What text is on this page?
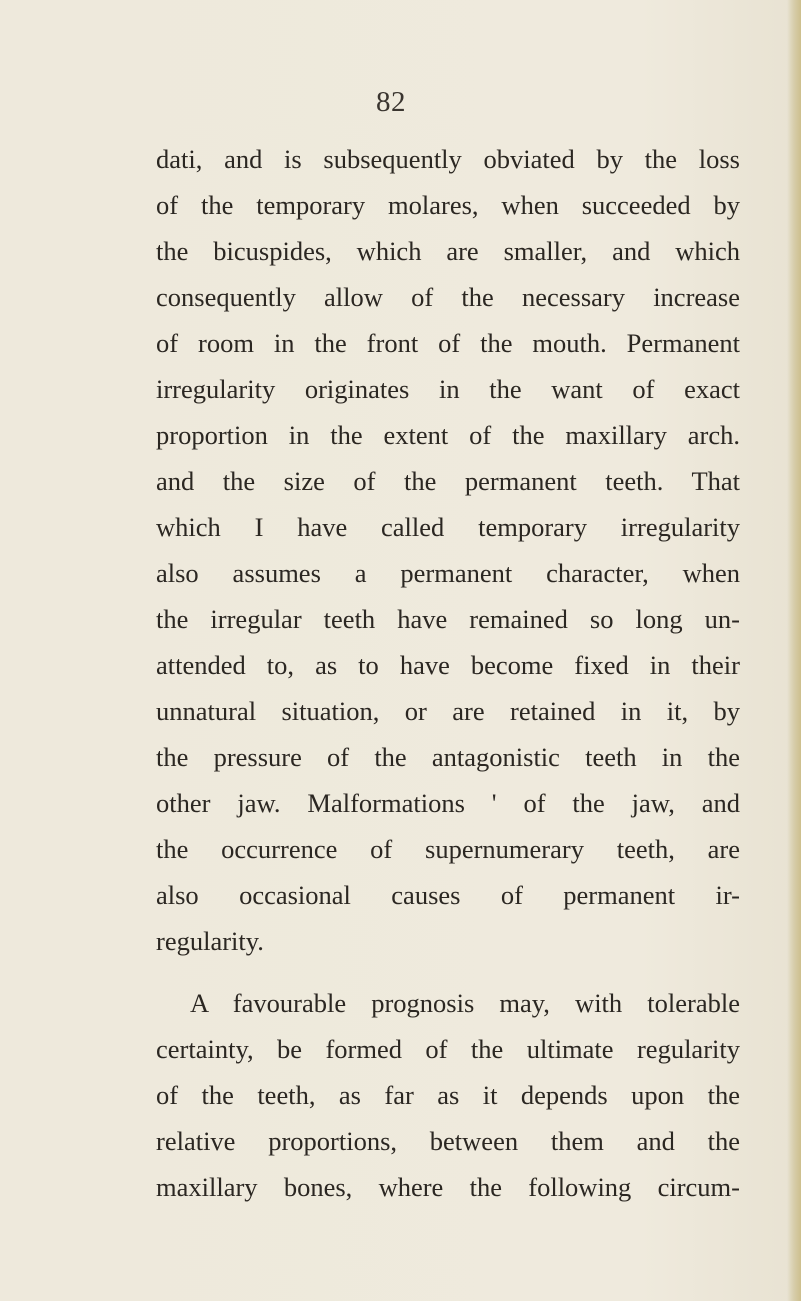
82
dati, and is subsequently obviated by the loss
of the temporary molares, when succeeded by
the bicuspides, which are smaller, and which
consequently allow of the necessary increase
of room in the front of the mouth. Permanent
irregularity originates in the want of exact
proportion in the extent of the maxillary arch.
and the size of the permanent teeth. That
which I have called temporary irregularity
also assumes a permanent character, when
the irregular teeth have remained so long un-
attended to, as to have become fixed in their
unnatural situation, or are retained in it, by
the pressure of the antagonistic teeth in the
other jaw. Malformations ' of the jaw, and
the occurrence of supernumerary teeth, are
also occasional causes of permanent ir-
regularity.
A favourable prognosis may, with tolerable
certainty, be formed of the ultimate regularity
of the teeth, as far as it depends upon the
relative proportions, between them and the
maxillary bones, where the following circum-
